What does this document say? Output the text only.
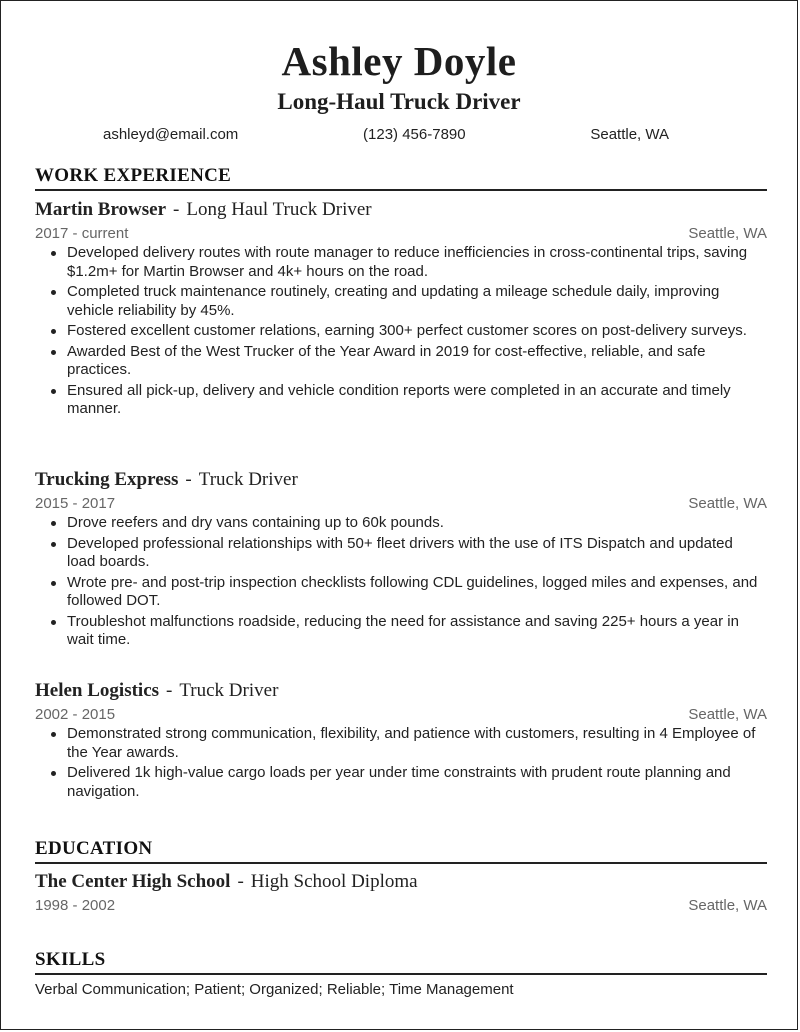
Ashley Doyle
Long-Haul Truck Driver
ashleyd@email.com	(123) 456-7890	Seattle, WA
WORK EXPERIENCE
Martin Browser - Long Haul Truck Driver
2017 - current	Seattle, WA
Developed delivery routes with route manager to reduce inefficiencies in cross-continental trips, saving $1.2m+ for Martin Browser and 4k+ hours on the road.
Completed truck maintenance routinely, creating and updating a mileage schedule daily, improving vehicle reliability by 45%.
Fostered excellent customer relations, earning 300+ perfect customer scores on post-delivery surveys.
Awarded Best of the West Trucker of the Year Award in 2019 for cost-effective, reliable, and safe practices.
Ensured all pick-up, delivery and vehicle condition reports were completed in an accurate and timely manner.
Trucking Express - Truck Driver
2015 - 2017	Seattle, WA
Drove reefers and dry vans containing up to 60k pounds.
Developed professional relationships with 50+ fleet drivers with the use of ITS Dispatch and updated load boards.
Wrote pre- and post-trip inspection checklists following CDL guidelines, logged miles and expenses, and followed DOT.
Troubleshot malfunctions roadside, reducing the need for assistance and saving 225+ hours a year in wait time.
Helen Logistics - Truck Driver
2002 - 2015	Seattle, WA
Demonstrated strong communication, flexibility, and patience with customers, resulting in 4 Employee of the Year awards.
Delivered 1k high-value cargo loads per year under time constraints with prudent route planning and navigation.
EDUCATION
The Center High School - High School Diploma
1998 - 2002	Seattle, WA
SKILLS
Verbal Communication; Patient; Organized; Reliable; Time Management
